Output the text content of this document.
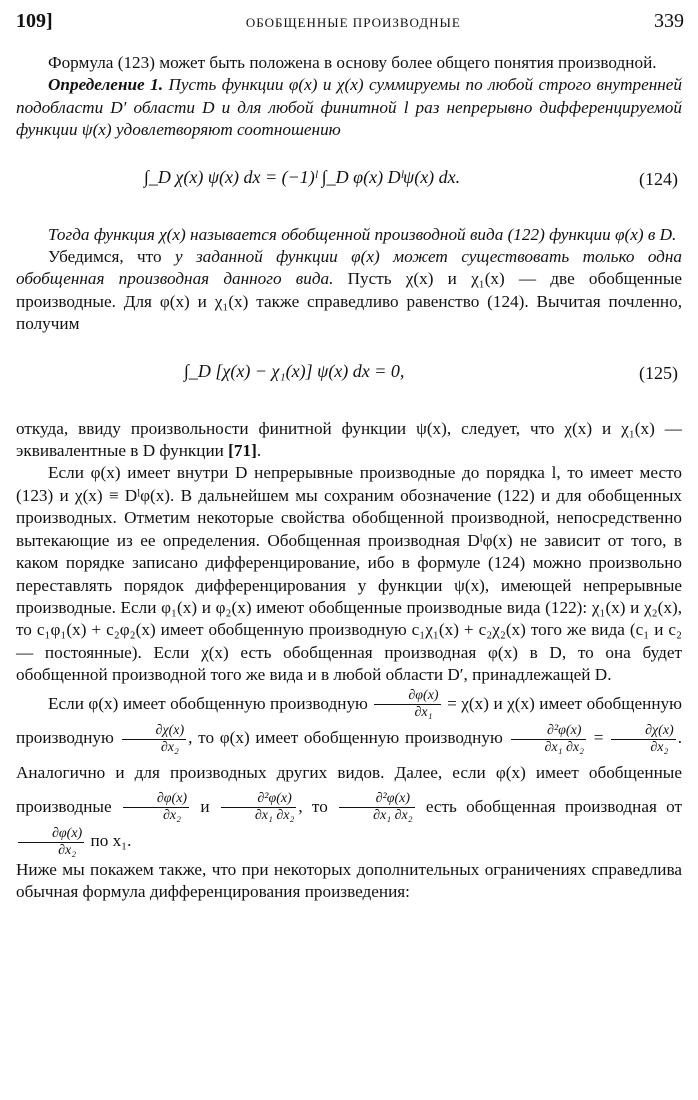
109]	ОБОБЩЕННЫЕ ПРОИЗВОДНЫЕ	339

Формула (123) может быть положена в основу более общего понятия производной.

Определение 1. Пусть функции φ(x) и χ(x) суммируемы по любой строго внутренней подобласти D′ области D и для любой финитной l раз непрерывно дифференцируемой функции ψ(x) удовлетворяют соотношению

∫_D χ(x) ψ(x) dx = (−1)ˡ ∫_D φ(x) Dˡψ(x) dx.	(124)

Тогда функция χ(x) называется обобщенной производной вида (122) функции φ(x) в D.

Убедимся, что у заданной функции φ(x) может существовать только одна обобщенная производная данного вида. Пусть χ(x) и χ₁(x) — две обобщенные производные. Для φ(x) и χ₁(x) также справедливо равенство (124). Вычитая почленно, получим

∫_D [χ(x) − χ₁(x)] ψ(x) dx = 0,	(125)

откуда, ввиду произвольности финитной функции ψ(x), следует, что χ(x) и χ₁(x) — эквивалентные в D функции [71].

Если φ(x) имеет внутри D непрерывные производные до порядка l, то имеет место (123) и χ(x) ≡ Dˡφ(x). В дальнейшем мы сохраним обозначение (122) и для обобщенных производных. Отметим некоторые свойства обобщенной производной, непосредственно вытекающие из ее определения. Обобщенная производная Dˡφ(x) не зависит от того, в каком порядке записано дифференцирование, ибо в формуле (124) можно произвольно переставлять порядок дифференцирования у функции ψ(x), имеющей непрерывные производные. Если φ₁(x) и φ₂(x) имеют обобщенные производные вида (122): χ₁(x) и χ₂(x), то c₁φ₁(x) + c₂φ₂(x) имеет обобщенную производную c₁χ₁(x) + c₂χ₂(x) того же вида (c₁ и c₂ — постоянные). Если χ(x) есть обобщенная производная φ(x) в D, то она будет обобщенной производной того же вида и в любой области D′, принадлежащей D.

Если φ(x) имеет обобщенную производную $\frac{\partial\varphi(x)}{\text{∂x₁}} = \chi(x)$ и χ(x) имеет обобщенную производную $\frac{\partial\chi(x)}{\text{∂x₂}}$ , то φ(x) имеет обобщенную производную $\frac{\text{∂²φ(x)}}{\text{∂x₁ ∂x₂}} = \frac{\partial\chi(x)}{\text{∂x₂}}$ . Аналогично и для производных других видов. Далее, если φ(x) имеет обобщенные производные $\frac{\partial\varphi(x)}{\text{∂x₂}}$ и $\frac{\text{∂²φ(x)}}{\text{∂x₁ ∂x₂}}$ , то $\frac{\text{∂²φ(x)}}{\text{∂x₁ ∂x₂}}$ есть обобщенная производная от
$\frac{\partial\varphi(x)}{\text{∂x₂}}$ по x₁.

Ниже мы покажем также, что при некоторых дополнительных ограничениях справедлива обычная формула дифференцирования произведения:
